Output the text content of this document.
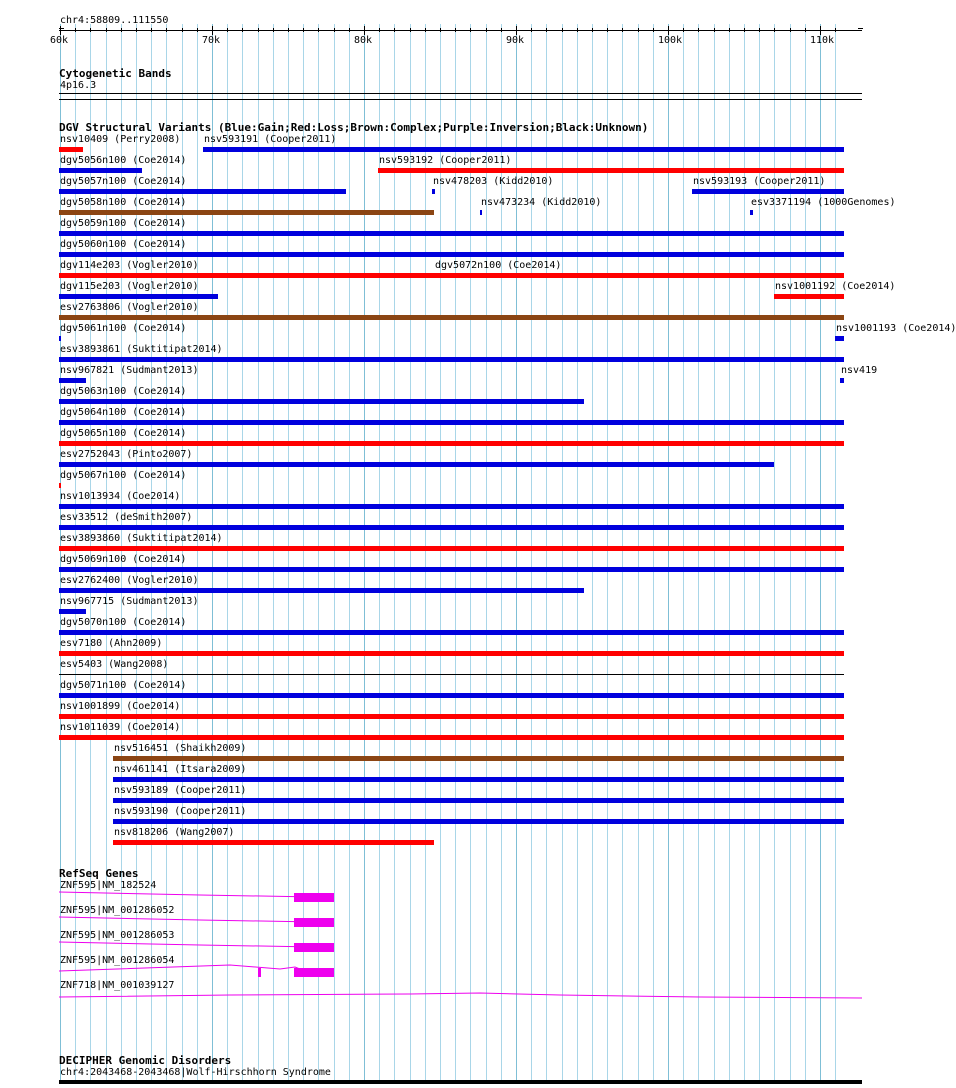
chr4:58809..111550
60k	70k	80k	90k	100k	110k
Cytogenetic Bands
4p16.3
DGV Structural Variants (Blue:Gain;Red:Loss;Brown:Complex;Purple:Inversion;Black:Unknown)
nsv10409 (Perry2008) nsv593191 (Cooper2011)
dgv5056n100 (Coe2014)	nsv593192 (Cooper2011)
dgv5057n100 (Coe2014)	nsv478203 (Kidd2010)	nsv593193 (Cooper2011)
dgv5058n100 (Coe2014)	nsv473234 (Kidd2010)	esv3371194 (1000Genomes)
dgv5059n100 (Coe2014)
dgv5060n100 (Coe2014)
dgv114e203 (Vogler2010)	dgv5072n100 (Coe2014)
dgv115e203 (Vogler2010)	nsv1001192 (Coe2014)
esv2763806 (Vogler2010)
dgv5061n100 (Coe2014)	nsv1001193 (Coe2014)
esv3893861 (Suktitipat2014)
nsv967821 (Sudmant2013)	nsv419
dgv5063n100 (Coe2014)
dgv5064n100 (Coe2014)
dgv5065n100 (Coe2014)
esv2752043 (Pinto2007)
dgv5067n100 (Coe2014)
nsv1013934 (Coe2014)
esv33512 (deSmith2007)
esv3893860 (Suktitipat2014)
dgv5069n100 (Coe2014)
esv2762400 (Vogler2010)
nsv967715 (Sudmant2013)
dgv5070n100 (Coe2014)
esv7180 (Ahn2009)
esv5403 (Wang2008)
dgv5071n100 (Coe2014)
nsv1001899 (Coe2014)
nsv1011039 (Coe2014)
nsv516451 (Shaikh2009)
nsv461141 (Itsara2009)
nsv593189 (Cooper2011)
nsv593190 (Cooper2011)
nsv818206 (Wang2007)
RefSeq Genes
ZNF595|NM_182524
ZNF595|NM_001286052
ZNF595|NM_001286053
ZNF595|NM_001286054
ZNF718|NM_001039127
DECIPHER Genomic Disorders
chr4:2043468-2043468|Wolf-Hirschhorn Syndrome
